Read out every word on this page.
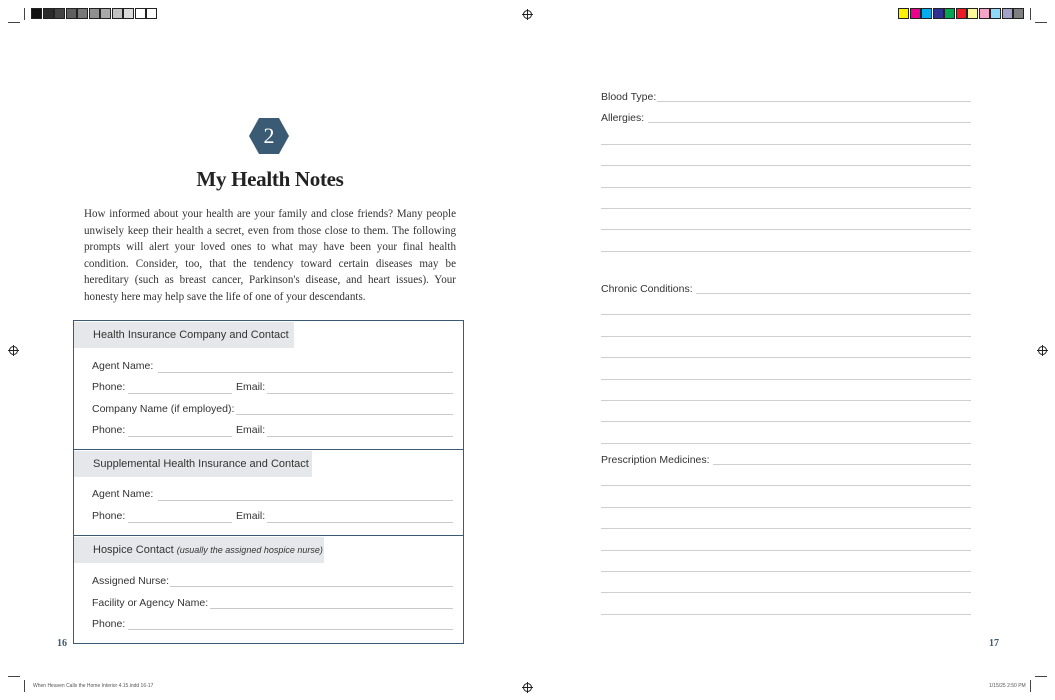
2
My Health Notes
How informed about your health are your family and close friends? Many people unwisely keep their health a secret, even from those close to them. The following prompts will alert your loved ones to what may have been your final health condition. Consider, too, that the tendency toward certain diseases may be hereditary (such as breast cancer, Parkinson's disease, and heart issues). Your honesty here may help save the life of one of your descendants.
Health Insurance Company and Contact
Agent Name:
Phone:	Email:
Company Name (if employed):
Phone:	Email:
Supplemental Health Insurance and Contact
Agent Name:
Phone:	Email:
Hospice Contact (usually the assigned hospice nurse)
Assigned Nurse:
Facility or Agency Name:
Phone:
16
Blood Type:
Allergies:
Chronic Conditions:
Prescription Medicines:
17
When Heaven Calls the Home Interior 4.15.indd 16-17	1/15/25 2:50 PM
